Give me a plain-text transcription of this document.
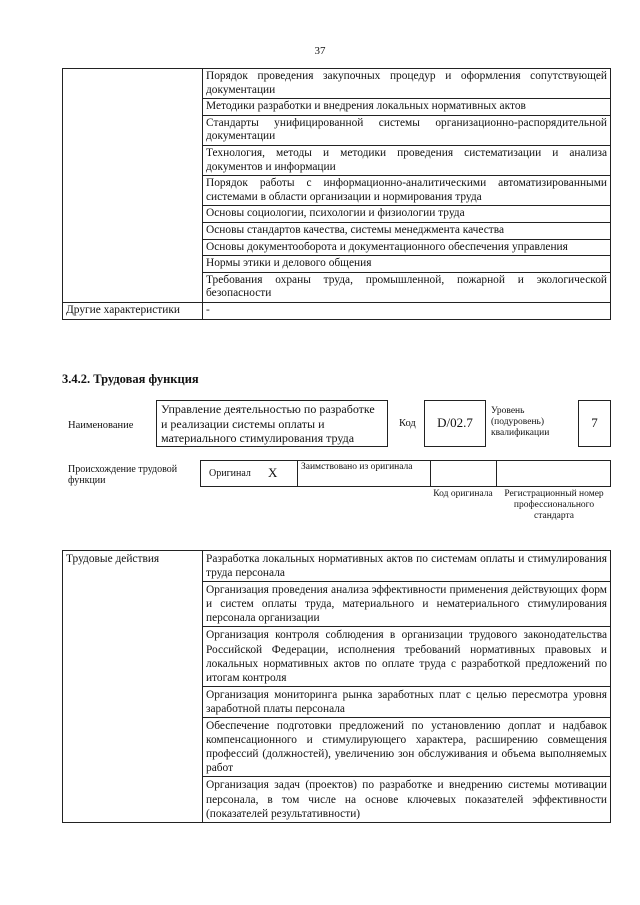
37
	Порядок проведения закупочных процедур и оформления сопутствующей документации
	Методики разработки и внедрения локальных нормативных актов
	Стандарты унифицированной системы организационно-распорядительной документации
	Технология, методы и методики проведения систематизации и анализа документов и информации
	Порядок работы с информационно-аналитическими автоматизированными системами в области организации и нормирования труда
	Основы социологии, психологии и физиологии труда
	Основы стандартов качества, системы менеджмента качества
	Основы документооборота и документационного обеспечения управления
	Нормы этики и делового общения
	Требования охраны труда, промышленной, пожарной и экологической безопасности
Другие характеристики	-
3.4.2. Трудовая функция
Наименование
Управление деятельностью по разработке и реализации системы оплаты и материального стимулирования труда
Код	D/02.7
Уровень (подуровень) квалификации
7
Происхождение трудовой функции
Оригинал X Заимствовано из оригинала
Код оригинала	Регистрационный номер профессионального стандарта
Трудовые действия	Разработка локальных нормативных актов по системам оплаты и стимулирования труда персонала
Организация проведения анализа эффективности применения действующих форм и систем оплаты труда, материального и нематериального стимулирования персонала организации
Организация контроля соблюдения в организации трудового законодательства Российской Федерации, исполнения требований нормативных правовых и локальных нормативных актов по оплате труда с разработкой предложений по итогам контроля
Организация мониторинга рынка заработных плат с целью пересмотра уровня заработной платы персонала
Обеспечение подготовки предложений по установлению доплат и надбавок компенсационного и стимулирующего характера, расширению совмещения профессий (должностей), увеличению зон обслуживания и объема выполняемых работ
Организация задач (проектов) по разработке и внедрению системы мотивации персонала, в том числе на основе ключевых показателей эффективности (показателей результативности)
